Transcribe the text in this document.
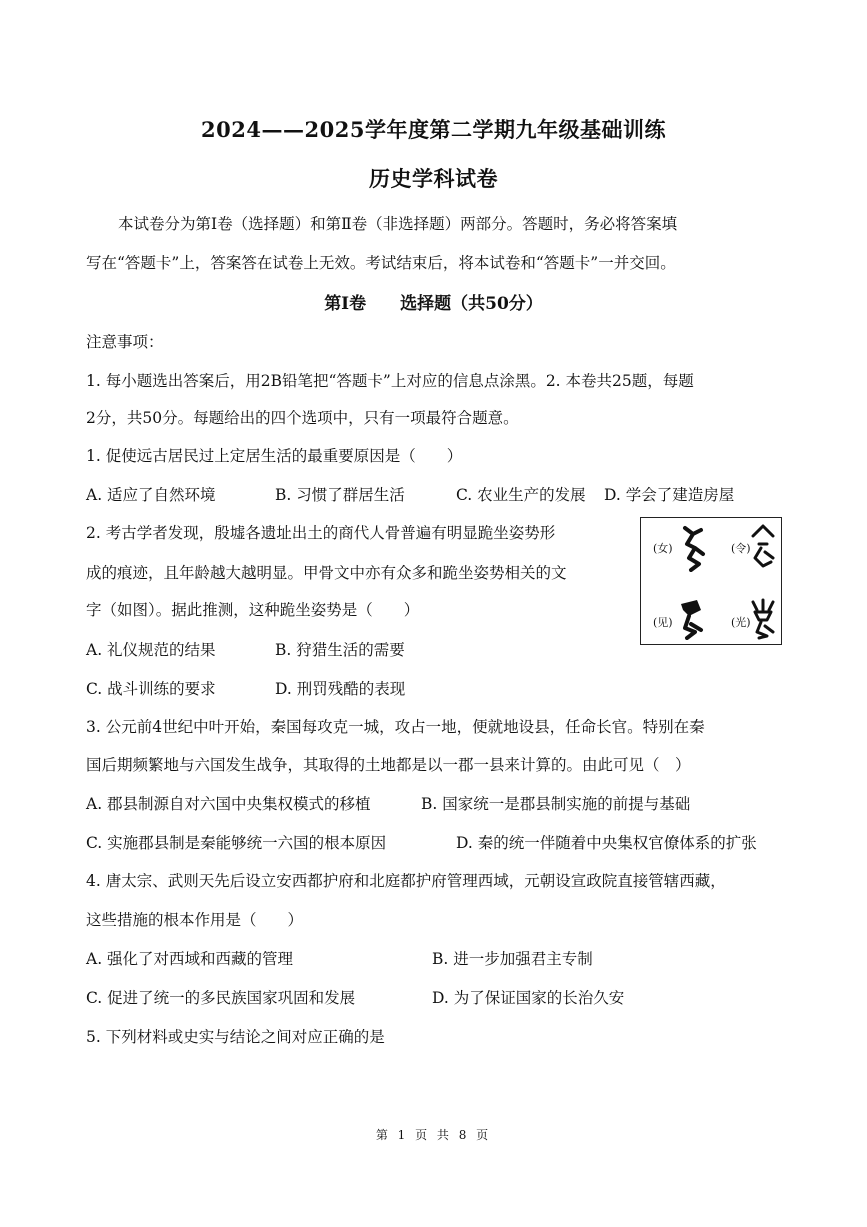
2024——2025学年度第二学期九年级基础训练
历史学科试卷
本试卷分为第Ⅰ卷（选择题）和第Ⅱ卷（非选择题）两部分。答题时，务必将答案填
写在“答题卡”上，答案答在试卷上无效。考试结束后，将本试卷和“答题卡”一并交回。
第Ⅰ卷　　选择题（共50分）
注意事项：
1. 每小题选出答案后，用2B铅笔把“答题卡”上对应的信息点涂黑。2. 本卷共25题，每题
2分，共50分。每题给出的四个选项中，只有一项最符合题意。
1. 促使远古居民过上定居生活的最重要原因是（　　）
A. 适应了自然环境	B. 习惯了群居生活	C. 农业生产的发展 D. 学会了建造房屋
2. 考古学者发现，殷墟各遗址出土的商代人骨普遍有明显跪坐姿势形
成的痕迹，且年龄越大越明显。甲骨文中亦有众多和跪坐姿势相关的文
字（如图）。据此推测，这种跪坐姿势是（　　）
A. 礼仪规范的结果	B. 狩猎生活的需要
C. 战斗训练的要求	D. 刑罚残酷的表现
(女)	(令)
(见)	(光)
3. 公元前4世纪中叶开始，秦国每攻克一城，攻占一地，便就地设县，任命长官。特别在秦
国后期频繁地与六国发生战争，其取得的土地都是以一郡一县来计算的。由此可见（　）
A. 郡县制源自对六国中央集权模式的移植	B. 国家统一是郡县制实施的前提与基础
C. 实施郡县制是秦能够统一六国的根本原因	D. 秦的统一伴随着中央集权官僚体系的扩张
4. 唐太宗、武则天先后设立安西都护府和北庭都护府管理西域，元朝设宣政院直接管辖西藏，
这些措施的根本作用是（　　）
A. 强化了对西域和西藏的管理	B. 进一步加强君主专制
C. 促进了统一的多民族国家巩固和发展	D. 为了保证国家的长治久安
5. 下列材料或史实与结论之间对应正确的是
第 1 页 共 8 页
